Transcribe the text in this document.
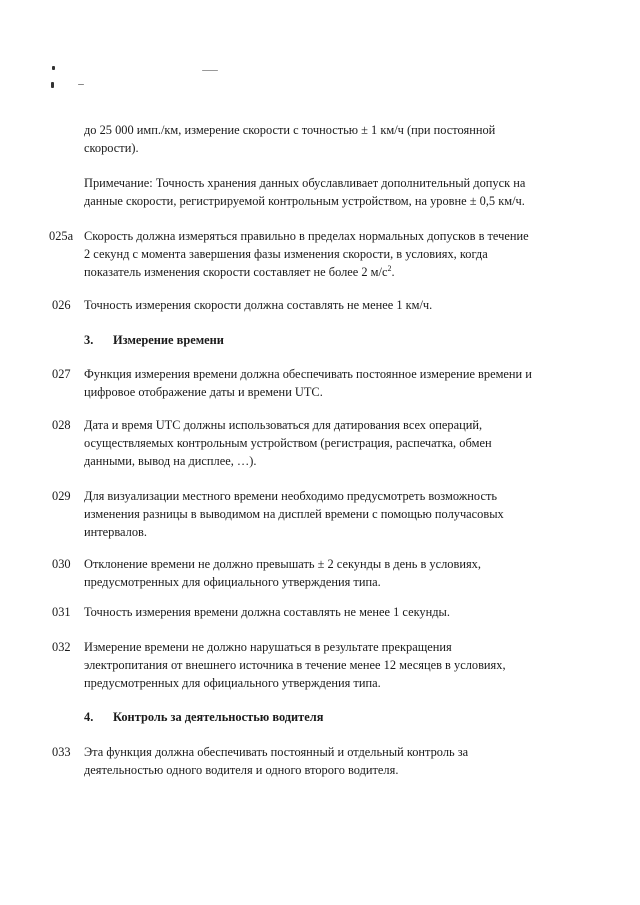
до 25 000 имп./км, измерение скорости с точностью ± 1 км/ч (при постоянной
скорости).
Примечание: Точность хранения данных обуславливает дополнительный допуск на
данные скорости, регистрируемой контрольным устройством, на уровне ± 0,5 км/ч.
025a Скорость должна измеряться правильно в пределах нормальных допусков в течение
2 секунд с момента завершения фазы изменения скорости, в условиях, когда
показатель изменения скорости составляет не более 2 $м/с^2$.
026	Точность измерения скорости должна составлять не менее 1 км/ч.
3. Измерение времени
027	Функция измерения времени должна обеспечивать постоянное измерение времени и
цифровое отображение даты и времени UTC.
028	Дата и время UTC должны использоваться для датирования всех операций,
осуществляемых контрольным устройством (регистрация, распечатка, обмен
данными, вывод на дисплее, …).
029	Для визуализации местного времени необходимо предусмотреть возможность
изменения разницы в выводимом на дисплей времени с помощью получасовых
интервалов.
030	Отклонение времени не должно превышать ± 2 секунды в день в условиях,
предусмотренных для официального утверждения типа.
031	Точность измерения времени должна составлять не менее 1 секунды.
032	Измерение времени не должно нарушаться в результате прекращения
электропитания от внешнего источника в течение менее 12 месяцев в условиях,
предусмотренных для официального утверждения типа.
4. Контроль за деятельностью водителя
033	Эта функция должна обеспечивать постоянный и отдельный контроль за
деятельностью одного водителя и одного второго водителя.
